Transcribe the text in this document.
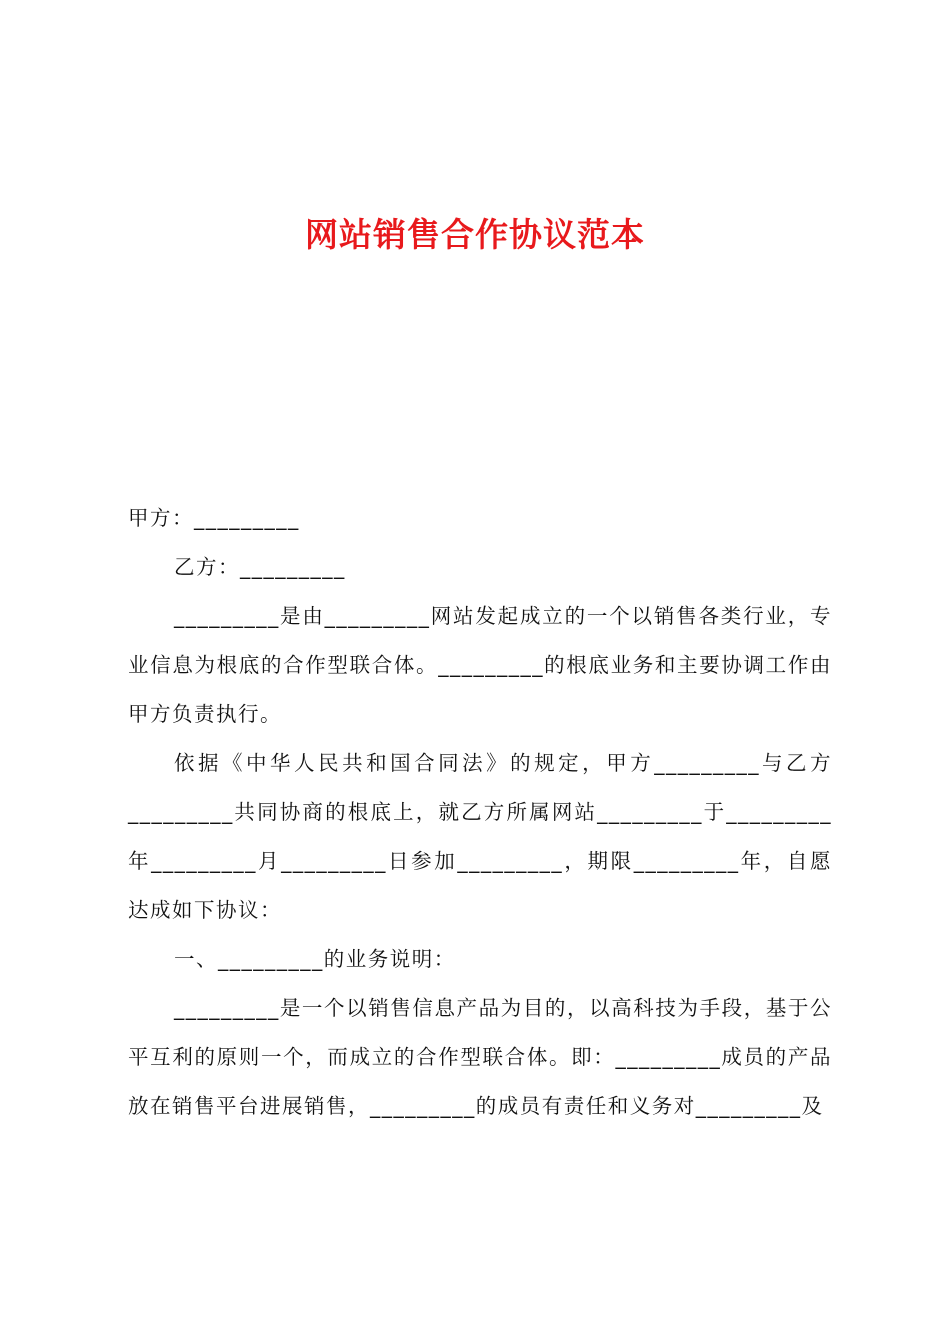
网站销售合作协议范本

甲方：_________

乙方：_________

_________是由_________网站发起成立的一个以销售各类行业，专业信息为根底的合作型联合体。_________的根底业务和主要协调工作由甲方负责执行。

依据《中华人民共和国合同法》的规定，甲方_________与乙方_________共同协商的根底上，就乙方所属网站_________于_________年_________月_________日参加_________，期限_________年，自愿达成如下协议：

一、_________的业务说明：

_________是一个以销售信息产品为目的，以高科技为手段，基于公平互利的原则一个，而成立的合作型联合体。即：_________成员的产品放在销售平台进展销售，_________的成员有责任和义务对_________及
